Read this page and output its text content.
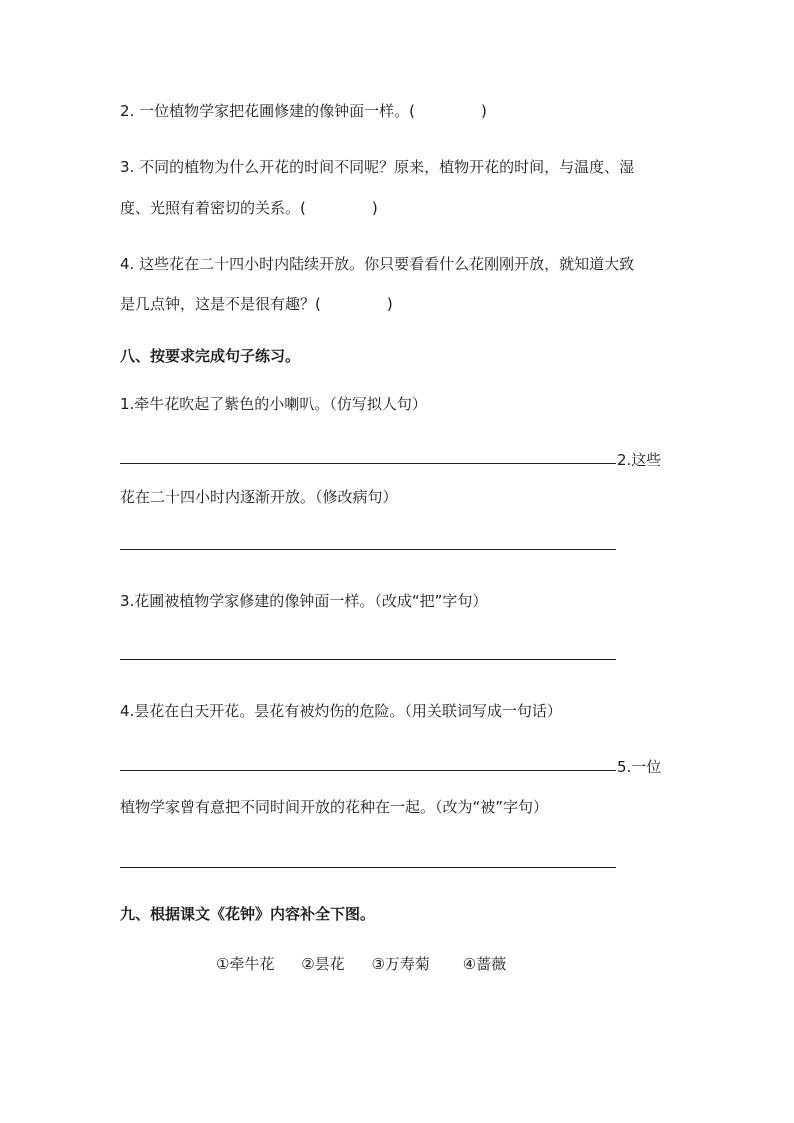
2. 一位植物学家把花圃修建的像钟面一样。(	)
3. 不同的植物为什么开花的时间不同呢？原来，植物开花的时间，与温度、湿
度、光照有着密切的关系。(	)
4. 这些花在二十四小时内陆续开放。你只要看看什么花刚刚开放，就知道大致
是几点钟，这是不是很有趣？(	)
八、按要求完成句子练习。
1.牵牛花吹起了紫色的小喇叭。（仿写拟人句）
2.这些
花在二十四小时内逐渐开放。（修改病句）
3.花圃被植物学家修建的像钟面一样。（改成“把”字句）
4.昙花在白天开花。昙花有被灼伤的危险。（用关联词写成一句话）
5.一位
植物学家曾有意把不同时间开放的花种在一起。（改为“被”字句）
九、根据课文《花钟》内容补全下图。
①牵牛花 ②昙花 ③万寿菊 ④蔷薇
